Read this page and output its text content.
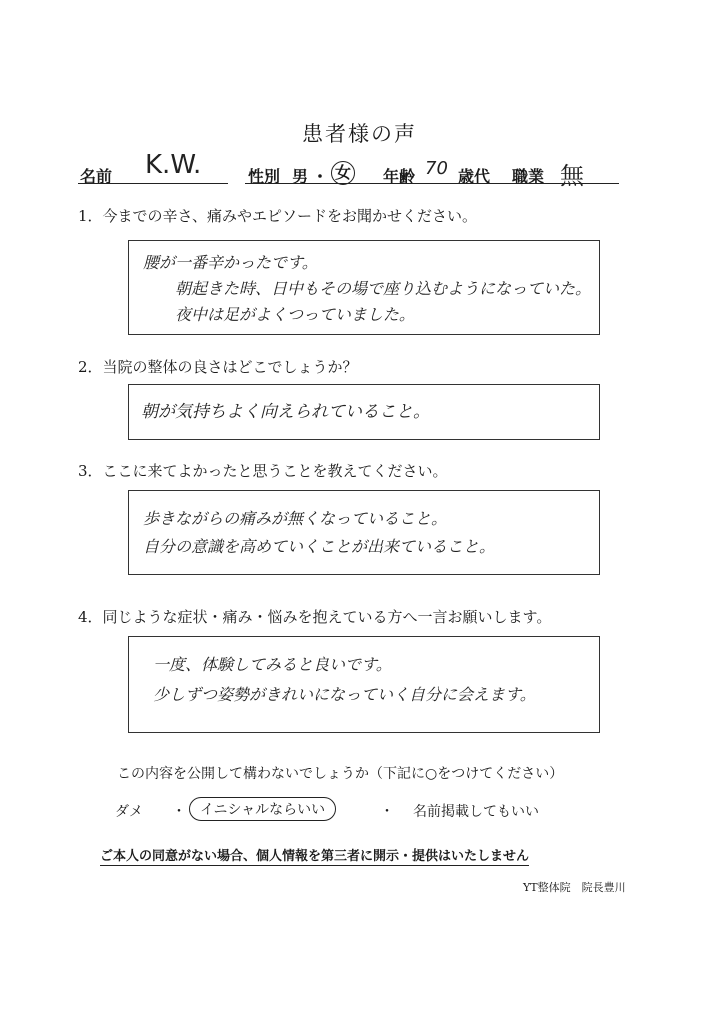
患者様の声
名前 K.W.	性別 男 ・ 女 年齢 70 歳代 職業 無
1．今までの辛さ、痛みやエピソードをお聞かせください。
腰が一番辛かったです。
朝起きた時、日中もその場で座り込むようになっていた。
夜中は足がよくつっていました。
2．当院の整体の良さはどこでしょうか？
朝が気持ちよく向えられていること。
3．ここに来てよかったと思うことを教えてください。
歩きながらの痛みが無くなっていること。
自分の意識を高めていくことが出来ていること。
4．同じような症状・痛み・悩みを抱えている方へ一言お願いします。
一度、体験してみると良いです。
少しずつ姿勢がきれいになっていく自分に会えます。
この内容を公開して構わないでしょうか（下記に○をつけてください）
ダメ ・	イニシャルならいい	・ 名前掲載してもいい
ご本人の同意がない場合、個人情報を第三者に開示・提供はいたしません
YT整体院　院長豊川
